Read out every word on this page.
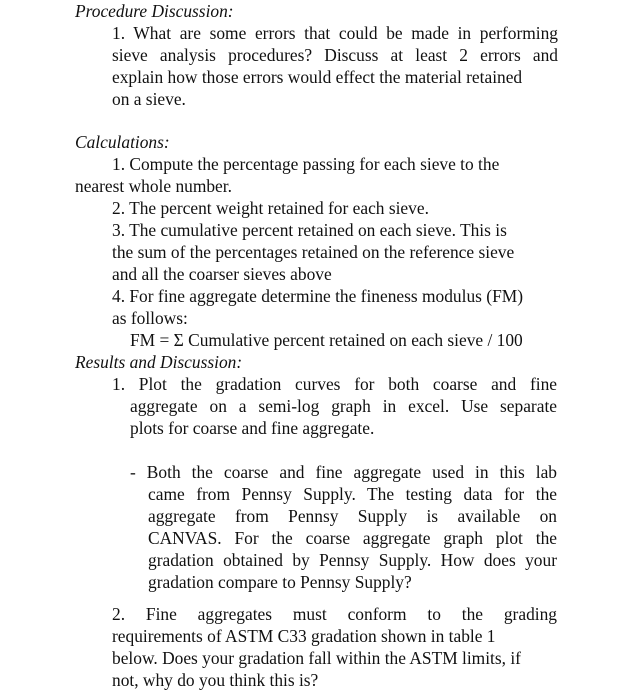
Procedure Discussion:
1. What are some errors that could be made in performing
sieve analysis procedures? Discuss at least 2 errors and
explain how those errors would effect the material retained
on a sieve.
Calculations:
1. Compute the percentage passing for each sieve to the
nearest whole number.
2. The percent weight retained for each sieve.
3. The cumulative percent retained on each sieve. This is
the sum of the percentages retained on the reference sieve
and all the coarser sieves above
4. For fine aggregate determine the fineness modulus (FM)
as follows:
FM = Σ Cumulative percent retained on each sieve / 100
Results and Discussion:
1. Plot the gradation curves for both coarse and fine
aggregate on a semi-log graph in excel. Use separate
plots for coarse and fine aggregate.
- Both the coarse and fine aggregate used in this lab
came from Pennsy Supply. The testing data for the
aggregate from Pennsy Supply is available on
CANVAS. For the coarse aggregate graph plot the
gradation obtained by Pennsy Supply. How does your
gradation compare to Pennsy Supply?
2. Fine aggregates must conform to the grading
requirements of ASTM C33 gradation shown in table 1
below. Does your gradation fall within the ASTM limits, if
not, why do you think this is?
